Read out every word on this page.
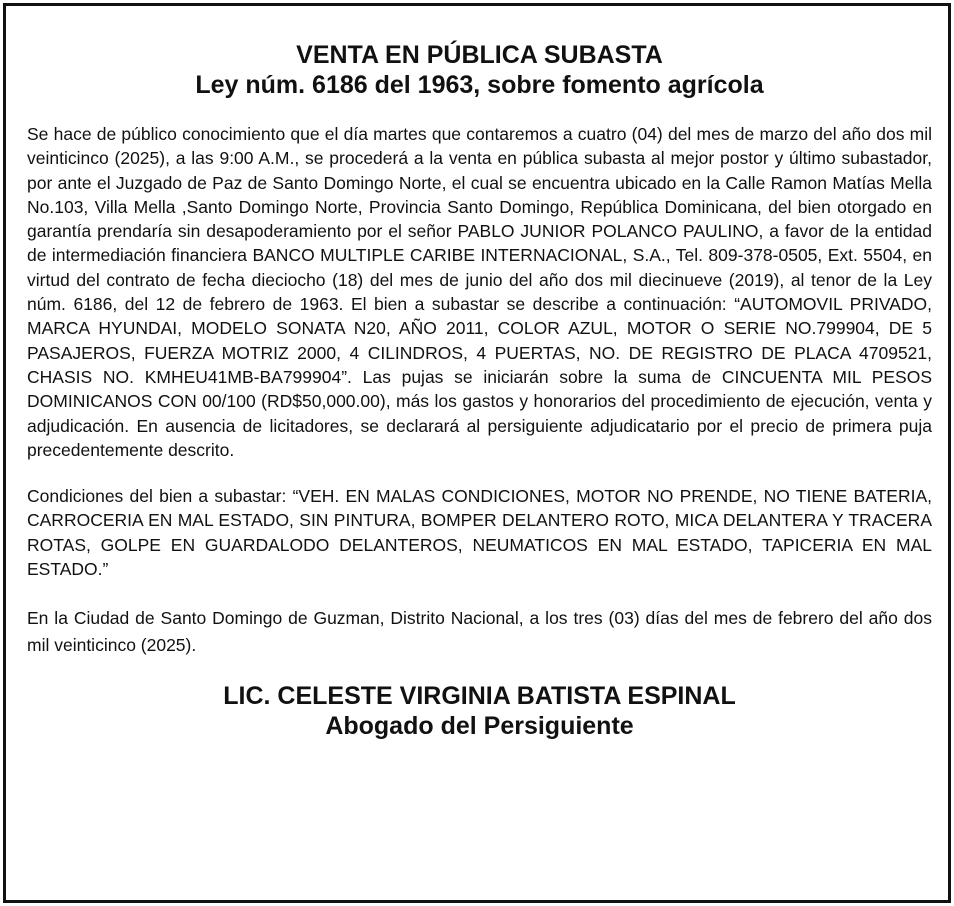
VENTA EN PÚBLICA SUBASTA
Ley núm. 6186 del 1963, sobre fomento agrícola

Se hace de público conocimiento que el día martes que contaremos a cuatro (04) del mes de marzo del año dos mil veinticinco (2025), a las 9:00 A.M., se procederá a la venta en pública subasta al mejor postor y último subastador, por ante el Juzgado de Paz de Santo Domingo Norte, el cual se encuentra ubicado en la Calle Ramon Matías Mella No.103, Villa Mella ,Santo Domingo Norte, Provincia Santo Domingo, República Dominicana, del bien otorgado en garantía prendaría sin desapoderamiento por el señor PABLO JUNIOR POLANCO PAULINO, a favor de la entidad de intermediación financiera BANCO MULTIPLE CARIBE INTERNACIONAL, S.A., Tel. 809-378-0505, Ext. 5504, en virtud del contrato de fecha dieciocho (18) del mes de junio del año dos mil diecinueve (2019), al tenor de la Ley núm. 6186, del 12 de febrero de 1963. El bien a subastar se describe a continuación: “AUTOMOVIL PRIVADO, MARCA HYUNDAI, MODELO SONATA N20, AÑO 2011, COLOR AZUL, MOTOR O SERIE NO.799904, DE 5 PASAJEROS, FUERZA MOTRIZ 2000, 4 CILINDROS, 4 PUERTAS, NO. DE REGISTRO DE PLACA 4709521, CHASIS NO. KMHEU41MB-BA799904”. Las pujas se iniciarán sobre la suma de CINCUENTA MIL PESOS DOMINICANOS CON 00/100 (RD$50,000.00), más los gastos y honorarios del procedimiento de ejecución, venta y adjudicación. En ausencia de licitadores, se declarará al persiguiente adjudicatario por el precio de primera puja precedentemente descrito.

Condiciones del bien a subastar: “VEH. EN MALAS CONDICIONES, MOTOR NO PRENDE, NO TIENE BATERIA, CARROCERIA EN MAL ESTADO, SIN PINTURA, BOMPER DELANTERO ROTO, MICA DELANTERA Y TRACERA ROTAS, GOLPE EN GUARDALODO DELANTEROS, NEUMATICOS EN MAL ESTADO, TAPICERIA EN MAL ESTADO.”

En la Ciudad de Santo Domingo de Guzman, Distrito Nacional, a los tres (03) días del mes de febrero del año dos mil veinticinco (2025).

LIC. CELESTE VIRGINIA BATISTA ESPINAL
Abogado del Persiguiente
